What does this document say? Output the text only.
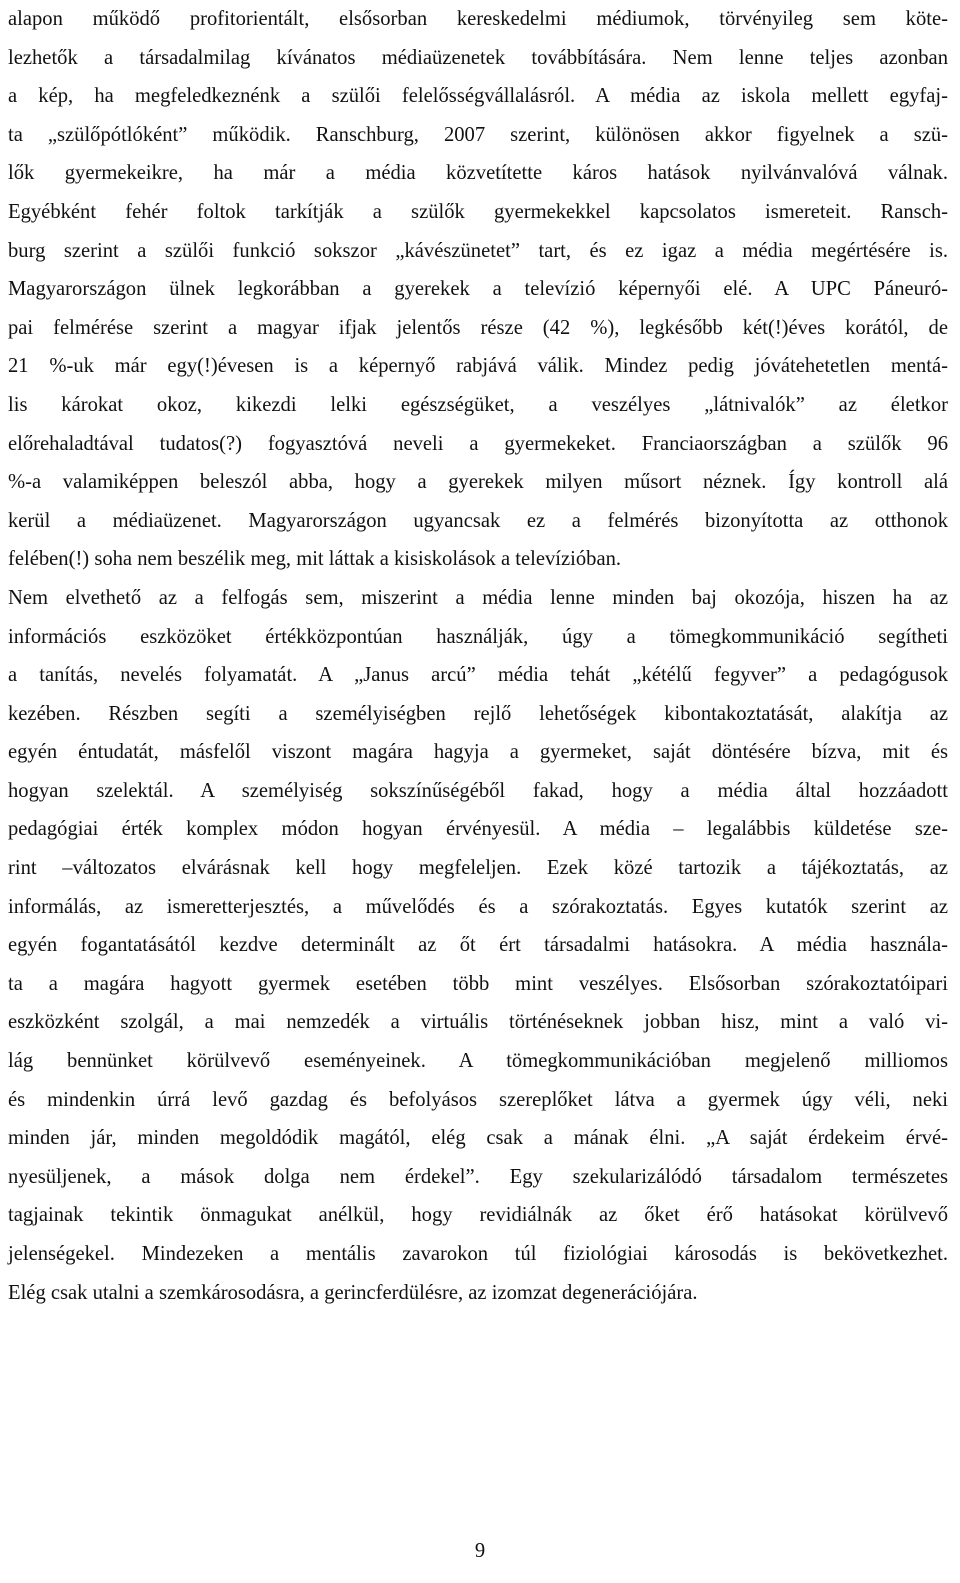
alapon működő profitorientált, elsősorban kereskedelmi médiumok, törvényileg sem köte-
lezhetők a társadalmilag kívánatos médiaüzenetek továbbítására. Nem lenne teljes azonban
a kép, ha megfeledkeznénk a szülői felelősségvállalásról. A média az iskola mellett egyfaj-
ta „szülőpótlóként” működik. Ranschburg, 2007 szerint, különösen akkor figyelnek a szü-
lők gyermekeikre, ha már a média közvetítette káros hatások nyilvánvalóvá válnak.
Egyébként fehér foltok tarkítják a szülők gyermekekkel kapcsolatos ismereteit. Ransch-
burg szerint a szülői funkció sokszor „kávészünetet” tart, és ez igaz a média megértésére is.
Magyarországon ülnek legkorábban a gyerekek a televízió képernyői elé. A UPC Páneuró-
pai felmérése szerint a magyar ifjak jelentős része (42 %), legkésőbb két(!)éves korától, de
21 %-uk már egy(!)évesen is a képernyő rabjává válik. Mindez pedig jóvátehetetlen mentá-
lis károkat okoz, kikezdi lelki egészségüket, a veszélyes „látnivalók” az életkor
előrehaladtával tudatos(?) fogyasztóvá neveli a gyermekeket. Franciaországban a szülők 96
%-a valamiképpen beleszól abba, hogy a gyerekek milyen műsort néznek. Így kontroll alá
kerül a médiaüzenet. Magyarországon ugyancsak ez a felmérés bizonyította az otthonok
felében(!) soha nem beszélik meg, mit láttak a kisiskolások a televízióban.
Nem elvethető az a felfogás sem, miszerint a média lenne minden baj okozója, hiszen ha az
információs eszközöket értékközpontúan használják, úgy a tömegkommunikáció segítheti
a tanítás, nevelés folyamatát. A „Janus arcú” média tehát „kétélű fegyver” a pedagógusok
kezében. Részben segíti a személyiségben rejlő lehetőségek kibontakoztatását, alakítja az
egyén éntudatát, másfelől viszont magára hagyja a gyermeket, saját döntésére bízva, mit és
hogyan szelektál. A személyiség sokszínűségéből fakad, hogy a média által hozzáadott
pedagógiai érték komplex módon hogyan érvényesül. A média – legalábbis küldetése sze-
rint –változatos elvárásnak kell hogy megfeleljen. Ezek közé tartozik a tájékoztatás, az
informálás, az ismeretterjesztés, a művelődés és a szórakoztatás. Egyes kutatók szerint az
egyén fogantatásától kezdve determinált az őt ért társadalmi hatásokra. A média használa-
ta a magára hagyott gyermek esetében több mint veszélyes. Elsősorban szórakoztatóipari
eszközként szolgál, a mai nemzedék a virtuális történéseknek jobban hisz, mint a való vi-
lág bennünket körülvevő eseményeinek. A tömegkommunikációban megjelenő milliomos
és mindenkin úrrá levő gazdag és befolyásos szereplőket látva a gyermek úgy véli, neki
minden jár, minden megoldódik magától, elég csak a mának élni. „A saját érdekeim érvé-
nyesüljenek, a mások dolga nem érdekel”. Egy szekularizálódó társadalom természetes
tagjainak tekintik önmagukat anélkül, hogy revidiálnák az őket érő hatásokat körülvevő
jelenségekel. Mindezeken a mentális zavarokon túl fiziológiai károsodás is bekövetkezhet.
Elég csak utalni a szemkárosodásra, a gerincferdülésre, az izomzat degenerációjára.
9
